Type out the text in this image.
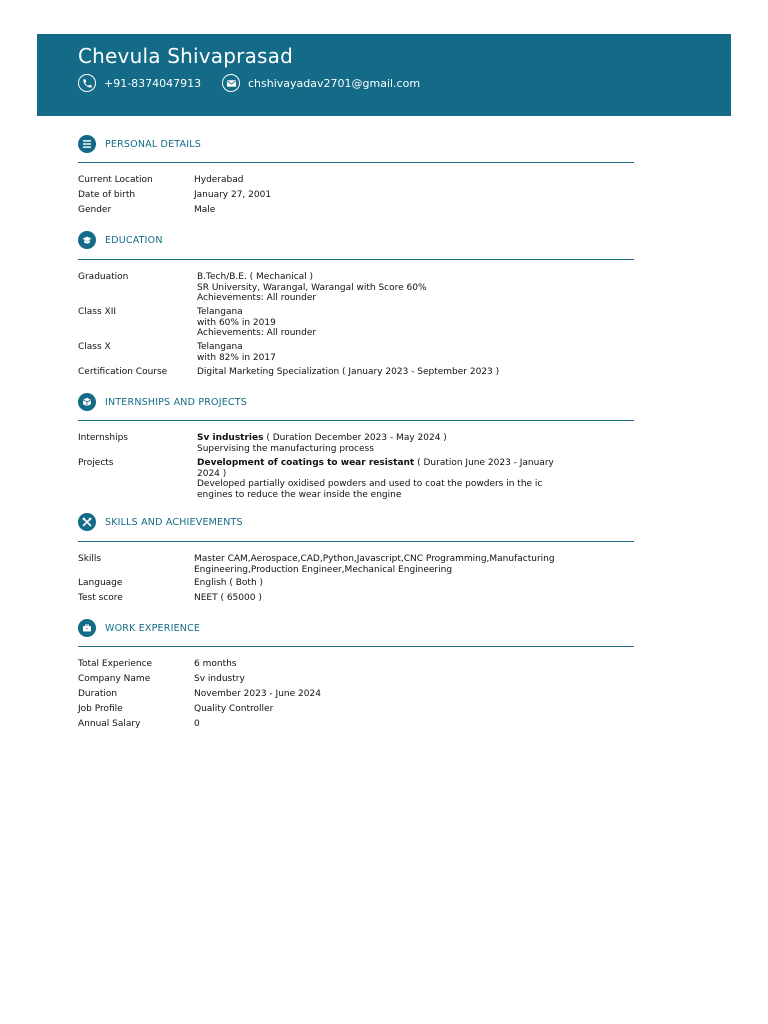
Chevula Shivaprasad
+91-8374047913	chshivayadav2701@gmail.com
PERSONAL DETAILS
Current Location	Hyderabad
Date of birth	January 27, 2001
Gender	Male
EDUCATION
Graduation	B.Tech/B.E. ( Mechanical )
SR University, Warangal, Warangal with Score 60%
Achievements: All rounder
Class XII	Telangana
with 60% in 2019
Achievements: All rounder
Class X	Telangana
with 82% in 2017
Certification Course	Digital Marketing Specialization ( January 2023 - September 2023 )
INTERNSHIPS AND PROJECTS
Internships	Sv industries ( Duration December 2023 - May 2024 )
Supervising the manufacturing process
Projects	Development of coatings to wear resistant ( Duration June 2023 - January 2024 )
Developed partially oxidised powders and used to coat the powders in the ic engines to reduce the wear inside the engine
SKILLS AND ACHIEVEMENTS
Skills	Master CAM,Aerospace,CAD,Python,Javascript,CNC Programming,Manufacturing Engineering,Production Engineer,Mechanical Engineering
Language	English ( Both )
Test score	NEET ( 65000 )
WORK EXPERIENCE
Total Experience	6 months
Company Name	Sv industry
Duration	November 2023 - June 2024
Job Profile	Quality Controller
Annual Salary	0
